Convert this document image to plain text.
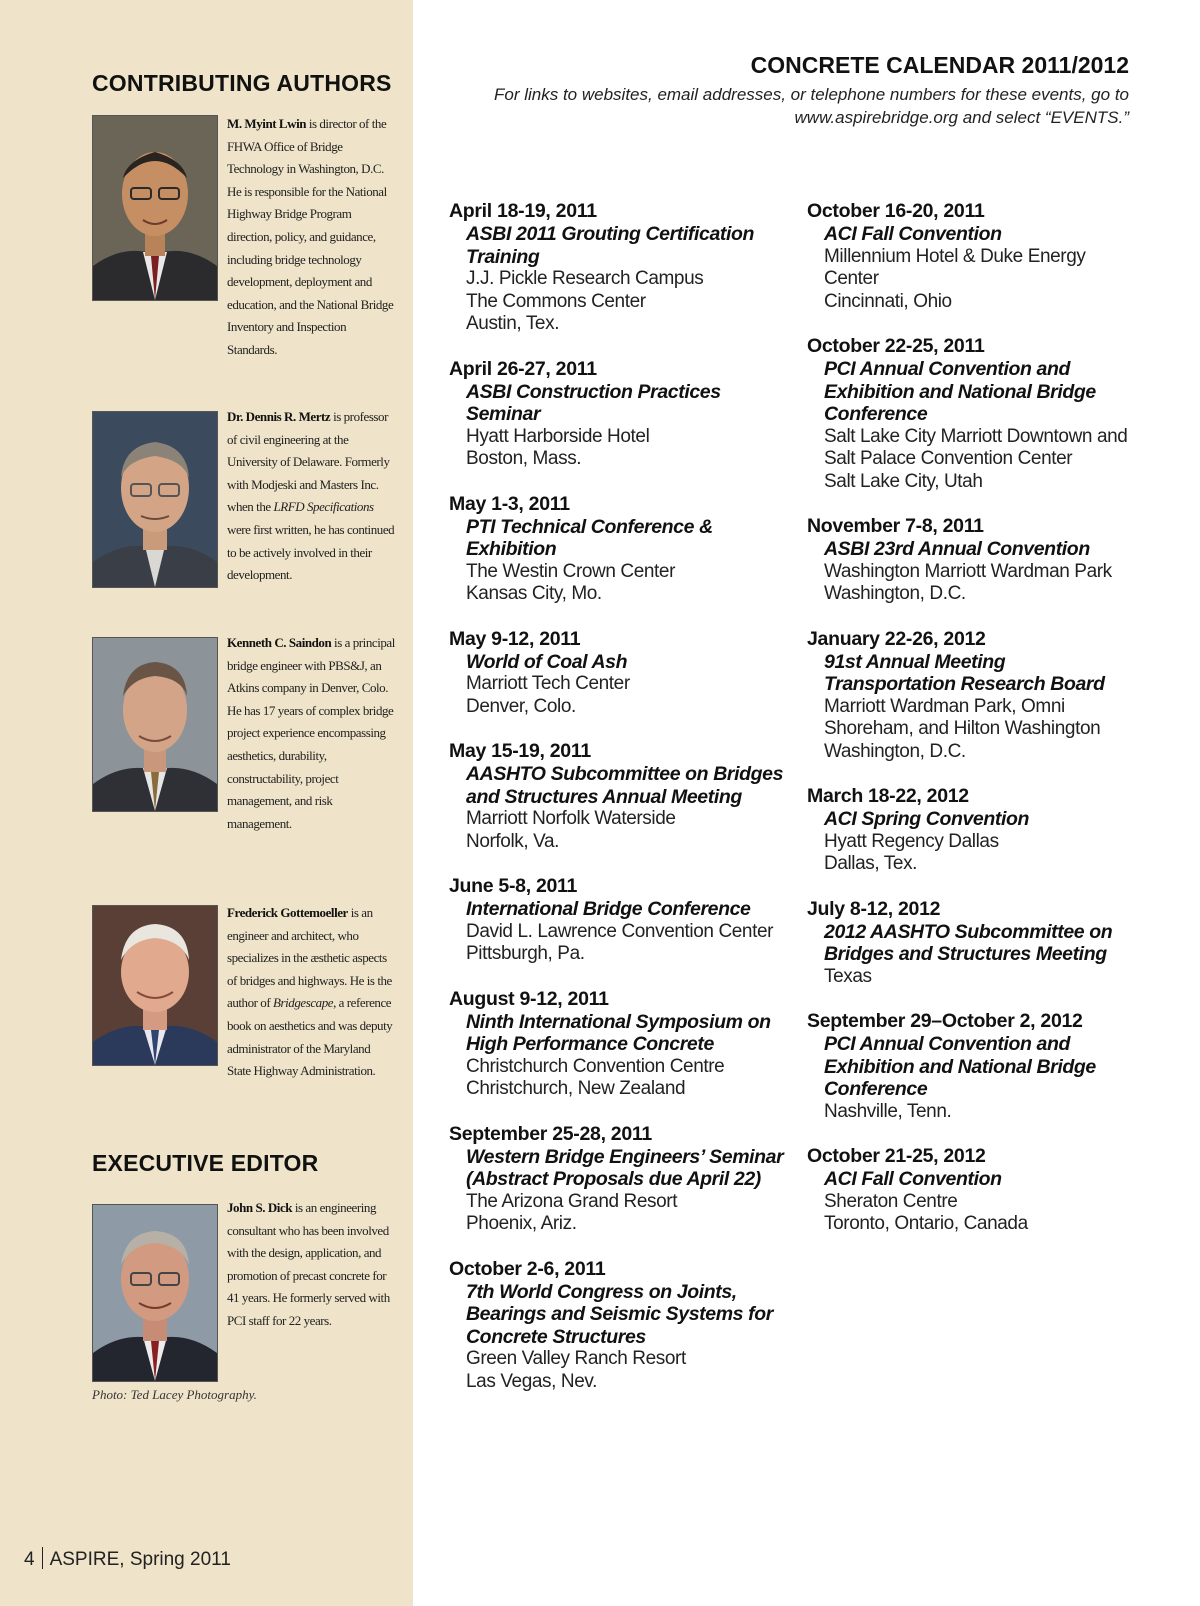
CONTRIBUTING AUTHORS

M. Myint Lwin is director of the FHWA Office of Bridge Technology in Washington, D.C. He is responsible for the National Highway Bridge Program direction, policy, and guidance, including bridge technology development, deployment and education, and the National Bridge Inventory and Inspection Standards.

Dr. Dennis R. Mertz is professor of civil engineering at the University of Delaware. Formerly with Modjeski and Masters Inc. when the LRFD Specifications were first written, he has continued to be actively involved in their development.

Kenneth C. Saindon is a principal bridge engineer with PBS&J, an Atkins company in Denver, Colo. He has 17 years of complex bridge project experience encompassing aesthetics, durability, constructability, project management, and risk management.

Frederick Gottemoeller is an engineer and architect, who specializes in the æsthetic aspects of bridges and highways. He is the author of Bridgescape, a reference book on aesthetics and was deputy administrator of the Maryland State Highway Administration.

EXECUTIVE EDITOR

John S. Dick is an engineering consultant who has been involved with the design, application, and promotion of precast concrete for 41 years. He formerly served with PCI staff for 22 years.

Photo: Ted Lacey Photography.

4 ASPIRE, Spring 2011
CONCRETE CALENDAR 2011/2012

For links to websites, email addresses, or telephone numbers for these events, go to
www.aspirebridge.org and select “EVENTS.”

April 18-19, 2011

ASBI 2011 Grouting Certification

Training

J.J. Pickle Research Campus

The Commons Center

Austin, Tex.

April 26-27, 2011

ASBI Construction Practices

Seminar

Hyatt Harborside Hotel

Boston, Mass.

May 1-3, 2011

PTI Technical Conference &

Exhibition

The Westin Crown Center

Kansas City, Mo.

May 9-12, 2011

World of Coal Ash

Marriott Tech Center

Denver, Colo.

May 15-19, 2011

AASHTO Subcommittee on Bridges

and Structures Annual Meeting

Marriott Norfolk Waterside

Norfolk, Va.

June 5-8, 2011

International Bridge Conference

David L. Lawrence Convention Center

Pittsburgh, Pa.

August 9-12, 2011

Ninth International Symposium on

High Performance Concrete

Christchurch Convention Centre

Christchurch, New Zealand

September 25-28, 2011

Western Bridge Engineers’ Seminar

(Abstract Proposals due April 22)

The Arizona Grand Resort

Phoenix, Ariz.

October 2-6, 2011

7th World Congress on Joints,

Bearings and Seismic Systems for

Concrete Structures

Green Valley Ranch Resort

Las Vegas, Nev.

October 16-20, 2011

ACI Fall Convention

Millennium Hotel & Duke Energy Center

Cincinnati, Ohio

October 22-25, 2011

PCI Annual Convention and

Exhibition and National Bridge

Conference

Salt Lake City Marriott Downtown and

Salt Palace Convention Center

Salt Lake City, Utah

November 7-8, 2011

ASBI 23rd Annual Convention

Washington Marriott Wardman Park

Washington, D.C.

January 22-26, 2012

91st Annual Meeting

Transportation Research Board

Marriott Wardman Park, Omni

Shoreham, and Hilton Washington

Washington, D.C.

March 18-22, 2012

ACI Spring Convention

Hyatt Regency Dallas

Dallas, Tex.

July 8-12, 2012

2012 AASHTO Subcommittee on

Bridges and Structures Meeting

Texas

September 29–October 2, 2012

PCI Annual Convention and

Exhibition and National Bridge

Conference

Nashville, Tenn.

October 21-25, 2012

ACI Fall Convention

Sheraton Centre

Toronto, Ontario, Canada
